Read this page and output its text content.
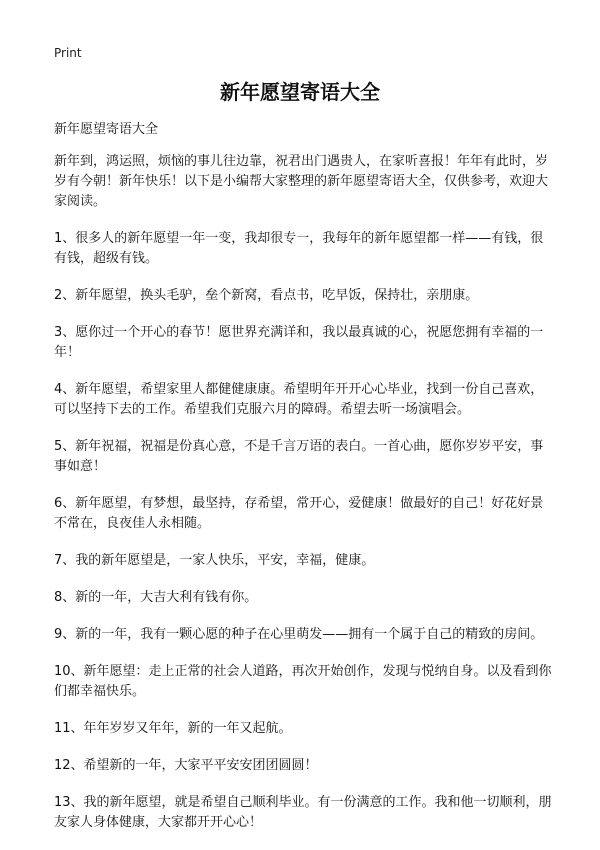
Print
新年愿望寄语大全

新年愿望寄语大全

新年到，鸿运照，烦恼的事儿往边靠，祝君出门遇贵人，在家听喜报！年年有此时，岁岁有今朝！新年快乐！以下是小编帮大家整理的新年愿望寄语大全，仅供参考，欢迎大家阅读。

1、很多人的新年愿望一年一变，我却很专一，我每年的新年愿望都一样——有钱，很有钱，超级有钱。

2、新年愿望，换头毛驴，垒个新窝，看点书，吃早饭，保持壮，亲朋康。

3、愿你过一个开心的春节！愿世界充满详和，我以最真诚的心，祝愿您拥有幸福的一年！

4、新年愿望，希望家里人都健健康康。希望明年开开心心毕业，找到一份自己喜欢，可以坚持下去的工作。希望我们克服六月的障碍。希望去听一场演唱会。

5、新年祝福，祝福是份真心意，不是千言万语的表白。一首心曲，愿你岁岁平安，事事如意！

6、新年愿望，有梦想，最坚持，存希望，常开心，爱健康！做最好的自己！好花好景不常在，良夜佳人永相随。

7、我的新年愿望是，一家人快乐，平安，幸福，健康。

8、新的一年，大吉大利有钱有你。

9、新的一年，我有一颗心愿的种子在心里萌发——拥有一个属于自己的精致的房间。

10、新年愿望：走上正常的社会人道路，再次开始创作，发现与悦纳自身。以及看到你们都幸福快乐。

11、年年岁岁又年年，新的一年又起航。

12、希望新的一年，大家平平安安团团圆圆！

13、我的新年愿望，就是希望自己顺利毕业。有一份满意的工作。我和他一切顺利，朋友家人身体健康，大家都开开心心！
